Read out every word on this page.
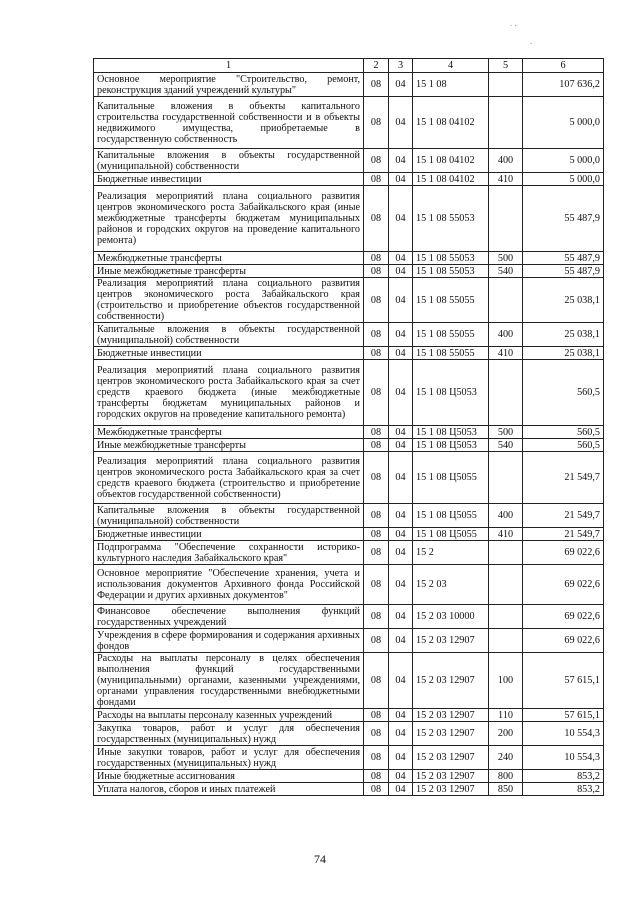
1	2	3	4	5	6
Основное мероприятие "Строительство, ремонт, реконструкция зданий учреждений культуры"	08	04	15 1 08		107 636,2
Капитальные вложения в объекты капитального строительства государственной собственности и в объекты недвижимого имущества, приобретаемые в государственную собственность	08	04	15 1 08 04102		5 000,0
Капитальные вложения в объекты государственной (муниципальной) собственности	08	04	15 1 08 04102	400	5 000,0
Бюджетные инвестиции	08	04	15 1 08 04102	410	5 000,0
Реализация мероприятий плана социального развития центров экономического роста Забайкальского края (иные межбюджетные трансферты бюджетам муниципальных районов и городских округов на проведение капитального ремонта)	08	04	15 1 08 55053		55 487,9
Межбюджетные трансферты	08	04	15 1 08 55053	500	55 487,9
Иные межбюджетные трансферты	08	04	15 1 08 55053	540	55 487,9
Реализация мероприятий плана социального развития центров экономического роста Забайкальского края (строительство и приобретение объектов государственной собственности)	08	04	15 1 08 55055		25 038,1
Капитальные вложения в объекты государственной (муниципальной) собственности	08	04	15 1 08 55055	400	25 038,1
Бюджетные инвестиции	08	04	15 1 08 55055	410	25 038,1
Реализация мероприятий плана социального развития центров экономического роста Забайкальского края за счет средств краевого бюджета (иные межбюджетные трансферты бюджетам муниципальных районов и городских округов на проведение капитального ремонта)	08	04	15 1 08 Ц5053		560,5
Межбюджетные трансферты	08	04	15 1 08 Ц5053	500	560,5
Иные межбюджетные трансферты	08	04	15 1 08 Ц5053	540	560,5
Реализация мероприятий плана социального развития центров экономического роста Забайкальского края за счет средств краевого бюджета (строительство и приобретение объектов государственной собственности)	08	04	15 1 08 Ц5055		21 549,7
Капитальные вложения в объекты государственной (муниципальной) собственности	08	04	15 1 08 Ц5055	400	21 549,7
Бюджетные инвестиции	08	04	15 1 08 Ц5055	410	21 549,7
Подпрограмма "Обеспечение сохранности историко-культурного наследия Забайкальского края"	08	04	15 2		69 022,6
Основное мероприятие "Обеспечение хранения, учета и использования документов Архивного фонда Российской Федерации и других архивных документов"	08	04	15 2 03		69 022,6
Финансовое обеспечение выполнения функций государственных учреждений	08	04	15 2 03 10000		69 022,6
Учреждения в сфере формирования и содержания архивных фондов	08	04	15 2 03 12907		69 022,6
Расходы на выплаты персоналу в целях обеспечения выполнения функций государственными (муниципальными) органами, казенными учреждениями, органами управления государственными внебюджетными фондами	08	04	15 2 03 12907	100	57 615,1
Расходы на выплаты персоналу казенных учреждений	08	04	15 2 03 12907	110	57 615,1
Закупка товаров, работ и услуг для обеспечения государственных (муниципальных) нужд	08	04	15 2 03 12907	200	10 554,3
Иные закупки товаров, работ и услуг для обеспечения государственных (муниципальных) нужд	08	04	15 2 03 12907	240	10 554,3
Иные бюджетные ассигнования	08	04	15 2 03 12907	800	853,2
Уплата налогов, сборов и иных платежей	08	04	15 2 03 12907	850	853,2
74
. .
.
